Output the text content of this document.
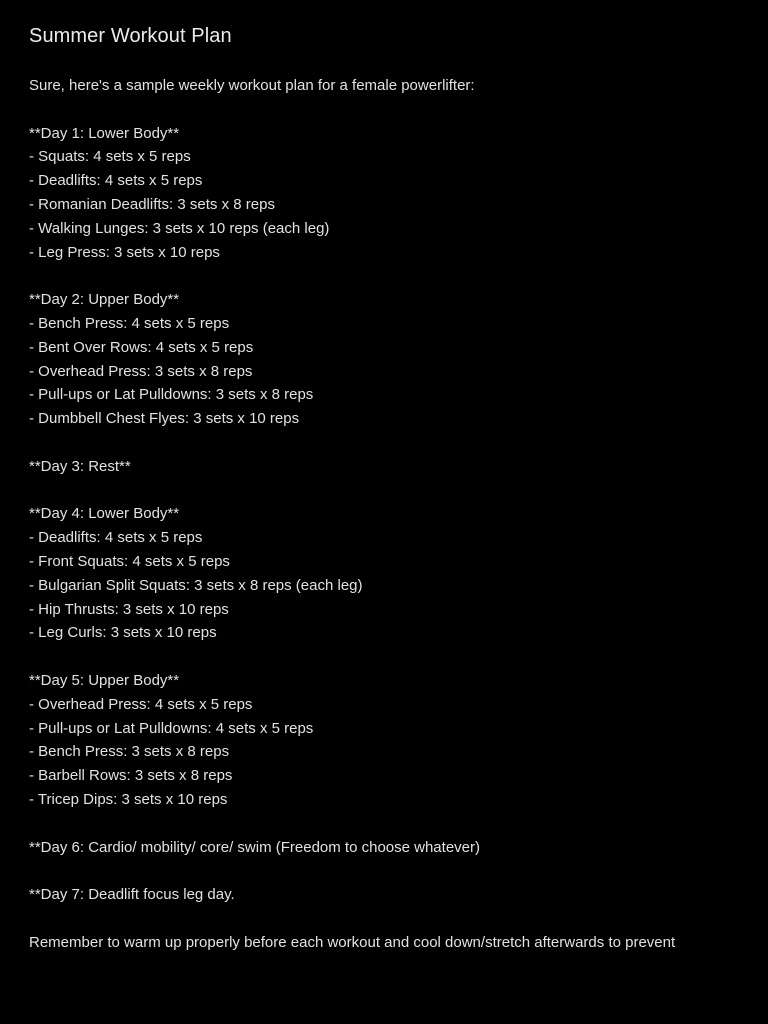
Summer Workout Plan
Sure, here's a sample weekly workout plan for a female powerlifter:
**Day 1: Lower Body**
- Squats: 4 sets x 5 reps
- Deadlifts: 4 sets x 5 reps
- Romanian Deadlifts: 3 sets x 8 reps
- Walking Lunges: 3 sets x 10 reps (each leg)
- Leg Press: 3 sets x 10 reps
**Day 2: Upper Body**
- Bench Press: 4 sets x 5 reps
- Bent Over Rows: 4 sets x 5 reps
- Overhead Press: 3 sets x 8 reps
- Pull-ups or Lat Pulldowns: 3 sets x 8 reps
- Dumbbell Chest Flyes: 3 sets x 10 reps
**Day 3: Rest**
**Day 4: Lower Body**
- Deadlifts: 4 sets x 5 reps
- Front Squats: 4 sets x 5 reps
- Bulgarian Split Squats: 3 sets x 8 reps (each leg)
- Hip Thrusts: 3 sets x 10 reps
- Leg Curls: 3 sets x 10 reps
**Day 5: Upper Body**
- Overhead Press: 4 sets x 5 reps
- Pull-ups or Lat Pulldowns: 4 sets x 5 reps
- Bench Press: 3 sets x 8 reps
- Barbell Rows: 3 sets x 8 reps
- Tricep Dips: 3 sets x 10 reps
**Day 6: Cardio/ mobility/ core/ swim (Freedom to choose whatever)
**Day 7: Deadlift focus leg day.
Remember to warm up properly before each workout and cool down/stretch afterwards to prevent
